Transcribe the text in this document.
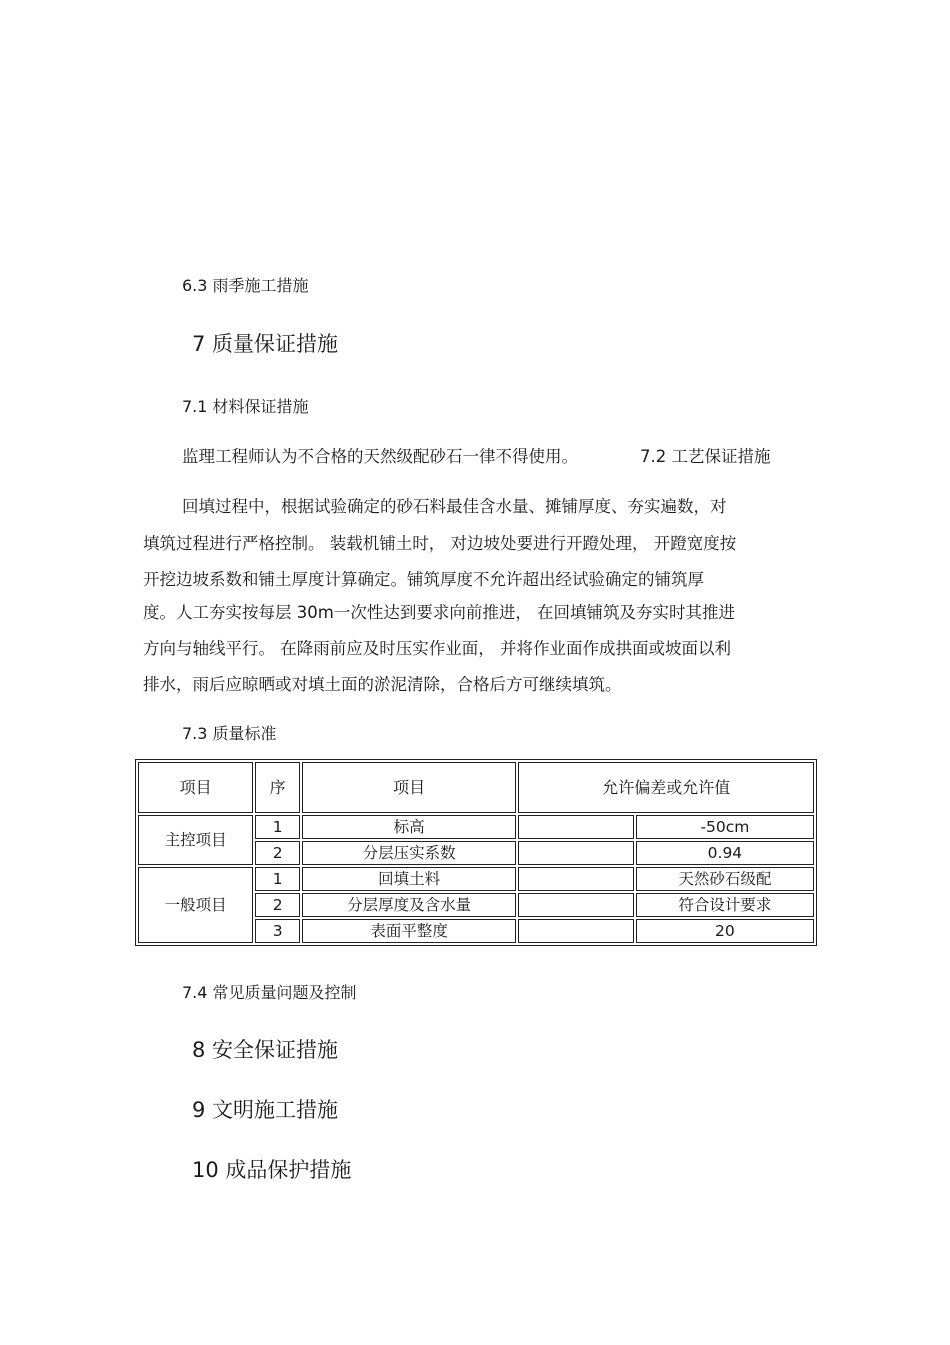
6.3 雨季施工措施
7 质量保证措施
7.1 材料保证措施
监理工程师认为不合格的天然级配砂石一律不得使用。	7.2 工艺保证措施
回填过程中，根据试验确定的砂石料最佳含水量、摊铺厚度、夯实遍数，对
填筑过程进行严格控制。 装载机铺土时， 对边坡处要进行开蹬处理， 开蹬宽度按
开挖边坡系数和铺土厚度计算确定。铺筑厚度不允许超出经试验确定的铺筑厚
度。人工夯实按每层 30m一次性达到要求向前推进， 在回填铺筑及夯实时其推进
方向与轴线平行。 在降雨前应及时压实作业面， 并将作业面作成拱面或坡面以利
排水，雨后应晾晒或对填土面的淤泥清除，合格后方可继续填筑。
7.3 质量标准
项目	序	项目	允许偏差或允许值	
主控项目	1	标高		-50cm
	2	分层压实系数		0.94
一般项目	1	回填土料		天然砂石级配
	2	分层厚度及含水量		符合设计要求
	3	表面平整度		20
7.4 常见质量问题及控制
8 安全保证措施
9 文明施工措施
10 成品保护措施
